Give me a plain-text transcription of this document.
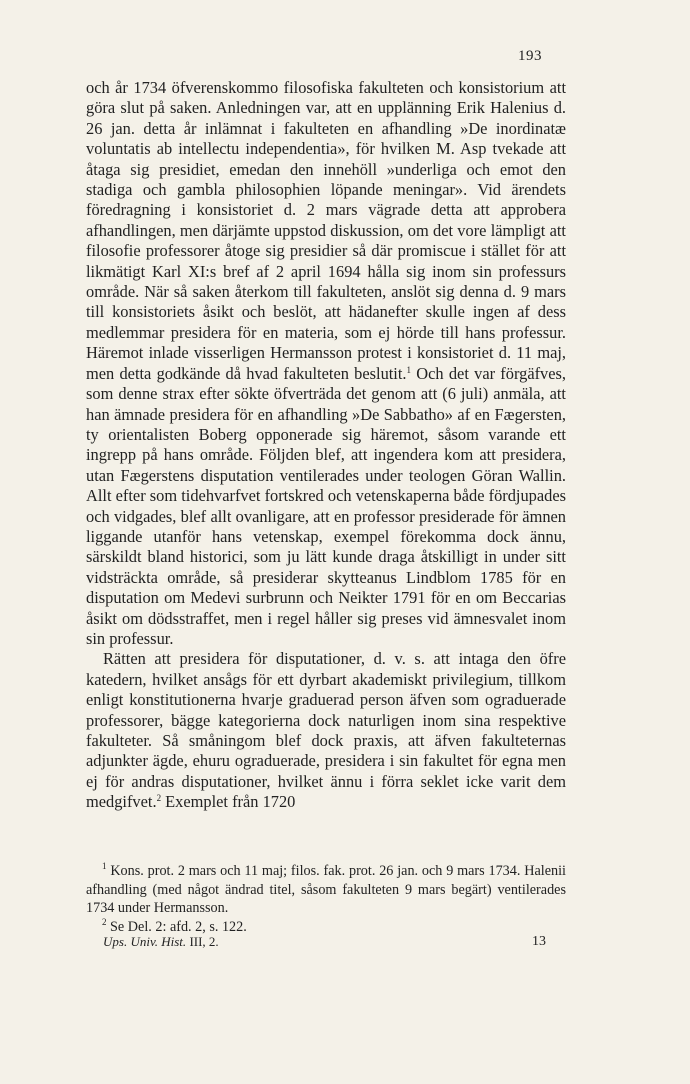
193

och år 1734 öfverenskommo filosofiska fakulteten och konsistorium att göra slut på saken. Anledningen var, att en upplänning Erik Halenius d. 26 jan. detta år inlämnat i fakulteten en afhandling »De inordinatæ voluntatis ab intellectu independentia», för hvilken M. Asp tvekade att åtaga sig presidiet, emedan den innehöll »underliga och emot den stadiga och gambla philosophien löpande meningar». Vid ärendets föredragning i konsistoriet d. 2 mars vägrade detta att approbera afhandlingen, men därjämte uppstod diskussion, om det vore lämpligt att filosofie professorer åtoge sig presidier så där promiscue i stället för att likmätigt Karl XI:s bref af 2 april 1694 hålla sig inom sin professurs område. När så saken återkom till fakulteten, anslöt sig denna d. 9 mars till konsistoriets åsikt och beslöt, att hädanefter skulle ingen af dess medlemmar presidera för en materia, som ej hörde till hans professur. Häremot inlade visserligen Hermansson protest i konsistoriet d. 11 maj, men detta godkände då hvad fakulteten beslutit.$^1$ Och det var förgäfves, som denne strax efter sökte öfverträda det genom att (6 juli) anmäla, att han ämnade presidera för en afhandling »De Sabbatho» af en Fægersten, ty orientalisten Boberg opponerade sig häremot, såsom varande ett ingrepp på hans område. Följden blef, att ingendera kom att presidera, utan Fægerstens disputation ventilerades under teologen Göran Wallin. Allt efter som tidehvarfvet fortskred och vetenskaperna både fördjupades och vidgades, blef allt ovanligare, att en professor presiderade för ämnen liggande utanför hans vetenskap, exempel förekomma dock ännu, särskildt bland historici, som ju lätt kunde draga åtskilligt in under sitt vidsträckta område, så presiderar skytteanus Lindblom 1785 för en disputation om Medevi surbrunn och Neikter 1791 för en om Beccarias åsikt om dödsstraffet, men i regel håller sig preses vid ämnesvalet inom sin professur.

Rätten att presidera för disputationer, d. v. s. att intaga den öfre katedern, hvilket ansågs för ett dyrbart akademiskt privilegium, tillkom enligt konstitutionerna hvarje graduerad person äfven som ograduerade professorer, bägge kategorierna dock naturligen inom sina respektive fakulteter. Så småningom blef dock praxis, att äfven fakulteternas adjunkter ägde, ehuru ograduerade, presidera i sin fakultet för egna men ej för andras disputationer, hvilket ännu i förra seklet icke varit dem medgifvet.$^2$ Exemplet från 1720

$^1$ Kons. prot. 2 mars och 11 maj; filos. fak. prot. 26 jan. och 9 mars 1734. Halenii afhandling (med något ändrad titel, såsom fakulteten 9 mars begärt) ventilerades 1734 under Hermansson.

$^2$ Se Del. 2: afd. 2, s. 122.

Ups. Univ. Hist. III, 2.	13
